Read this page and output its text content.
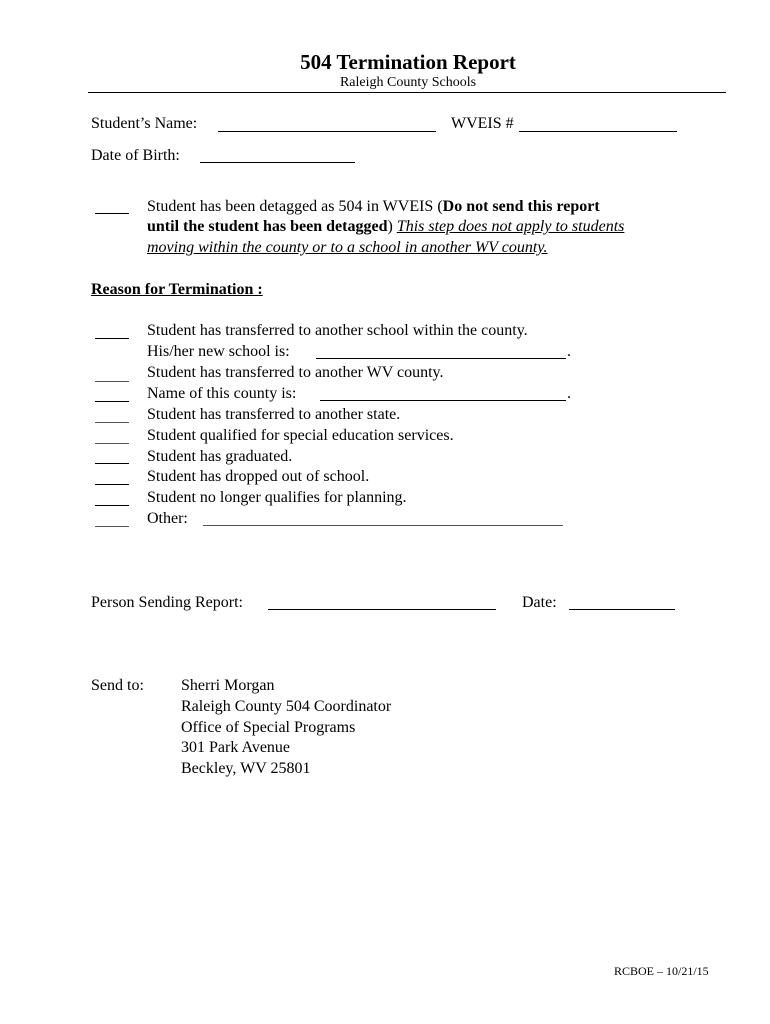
504 Termination Report
Raleigh County Schools
Student’s Name:	WVEIS #
Date of Birth:
Student has been detagged as 504 in WVEIS (Do not send this report
until the student has been detagged) This step does not apply to students
moving within the county or to a school in another WV county.
Reason for Termination :
Student has transferred to another school within the county.
His/her new school is:	.
Student has transferred to another WV county.
Name of this county is:	.
Student has transferred to another state.
Student qualified for special education services.
Student has graduated.
Student has dropped out of school.
Student no longer qualifies for planning.
Other:
Person Sending Report:	Date:
Send to: Sherri Morgan
Raleigh County 504 Coordinator
Office of Special Programs
301 Park Avenue
Beckley, WV 25801
RCBOE – 10/21/15
